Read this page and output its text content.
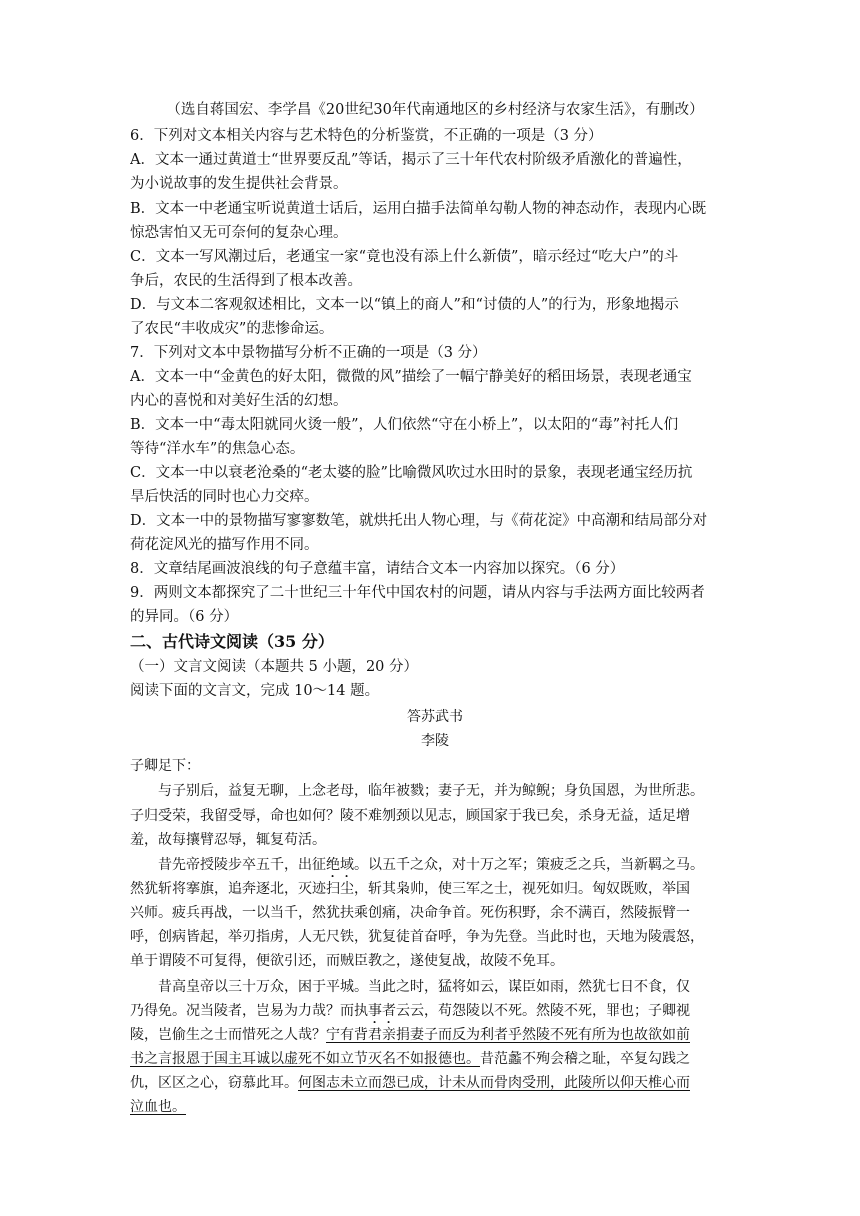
（选自蒋国宏、李学昌《20世纪30年代南通地区的乡村经济与农家生活》，有删改）
6．下列对文本相关内容与艺术特色的分析鉴赏，不正确的一项是（3 分）
A．文本一通过黄道士“世界要反乱”等话，揭示了三十年代农村阶级矛盾激化的普遍性，
为小说故事的发生提供社会背景。
B．文本一中老通宝听说黄道士话后，运用白描手法简单勾勒人物的神态动作，表现内心既
惊恐害怕又无可奈何的复杂心理。
C．文本一写风潮过后，老通宝一家“竟也没有添上什么新债”，暗示经过“吃大户”的斗
争后，农民的生活得到了根本改善。
D．与文本二客观叙述相比，文本一以“镇上的商人”和“讨债的人”的行为，形象地揭示
了农民“丰收成灾”的悲惨命运。
7．下列对文本中景物描写分析不正确的一项是（3 分）
A．文本一中“金黄色的好太阳，微微的风”描绘了一幅宁静美好的稻田场景，表现老通宝
内心的喜悦和对美好生活的幻想。
B．文本一中“毒太阳就同火烫一般”，人们依然“守在小桥上”，以太阳的“毒”衬托人们
等待“洋水车”的焦急心态。
C．文本一中以衰老沧桑的“老太婆的脸”比喻微风吹过水田时的景象，表现老通宝经历抗
旱后快活的同时也心力交瘁。
D．文本一中的景物描写寥寥数笔，就烘托出人物心理，与《荷花淀》中高潮和结局部分对
荷花淀风光的描写作用不同。
8．文章结尾画波浪线的句子意蕴丰富，请结合文本一内容加以探究。（6 分）
9．两则文本都探究了二十世纪三十年代中国农村的问题，请从内容与手法两方面比较两者
的异同。（6 分）
二、古代诗文阅读（35 分）
（一）文言文阅读（本题共 5 小题，20 分）
阅读下面的文言文，完成 10～14 题。
答苏武书
李陵
子卿足下：
与子别后，益复无聊，上念老母，临年被戮；妻子无，并为鲸鲵；身负国恩，为世所悲。
子归受荣，我留受辱，命也如何？陵不难刎颈以见志，顾国家于我已矣，杀身无益，适足增
羞，故每攘臂忍辱，辄复苟活。
昔先帝授陵步卒五千，出征绝域。以五千之众，对十万之军；策疲乏之兵，当新羁之马。
然犹斩将搴旗，追奔逐北，灭迹扫尘，斩其枭帅，使三军之士，视死如归。匈奴既败，举国
兴师。疲兵再战，一以当千，然犹扶乘创痛，决命争首。死伤积野，余不满百，然陵振臂一
呼，创病皆起，举刃指虏，人无尺铁，犹复徒首奋呼，争为先登。当此时也，天地为陵震怒，
单于谓陵不可复得，便欲引还，而贼臣教之，遂使复战，故陵不免耳。
昔高皇帝以三十万众，困于平城。当此之时，猛将如云，谋臣如雨，然犹七日不食，仅
乃得免。况当陵者，岂易为力哉？而执事者云云，苟怨陵以不死。然陵不死，罪也；子卿视
陵，岂偷生之士而惜死之人哉？宁有背君亲捐妻子而反为利者乎然陵不死有所为也故欲如前
书之言报恩于国主耳诚以虚死不如立节灭名不如报德也。昔范蠡不殉会稽之耻，卒复勾践之
仇，区区之心，窃慕此耳。何图志未立而怨已成，计未从而骨肉受刑，此陵所以仰天椎心而
泣血也。
